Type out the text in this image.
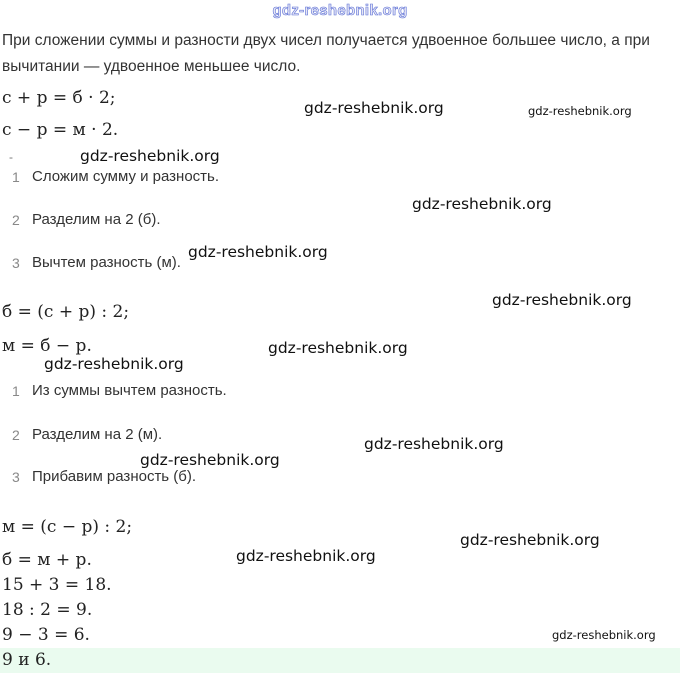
gdz-reshebnik.org
При сложении суммы и разности двух чисел получается удвоенное большее число, а при вычитании — удвоенное меньшее число.
с + р = б · 2;
с − р = м · 2.
-
1 Сложим сумму и разность.
2 Разделим на 2 (б).
3 Вычтем разность (м).
б = (с + р) : 2;
м = б − р.
1 Из суммы вычтем разность.
2 Разделим на 2 (м).
3 Прибавим разность (б).
м = (с − р) : 2;
б = м + р.
15 + 3 = 18.
18 : 2 = 9.
9 − 3 = 6.
9 и 6.
gdz-reshebnik.org	gdz-reshebnik.org
gdz-reshebnik.org
gdz-reshebnik.org
gdz-reshebnik.org
gdz-reshebnik.org
gdz-reshebnik.org
gdz-reshebnik.org
gdz-reshebnik.org
gdz-reshebnik.org
gdz-reshebnik.org
gdz-reshebnik.org
gdz-reshebnik.org
